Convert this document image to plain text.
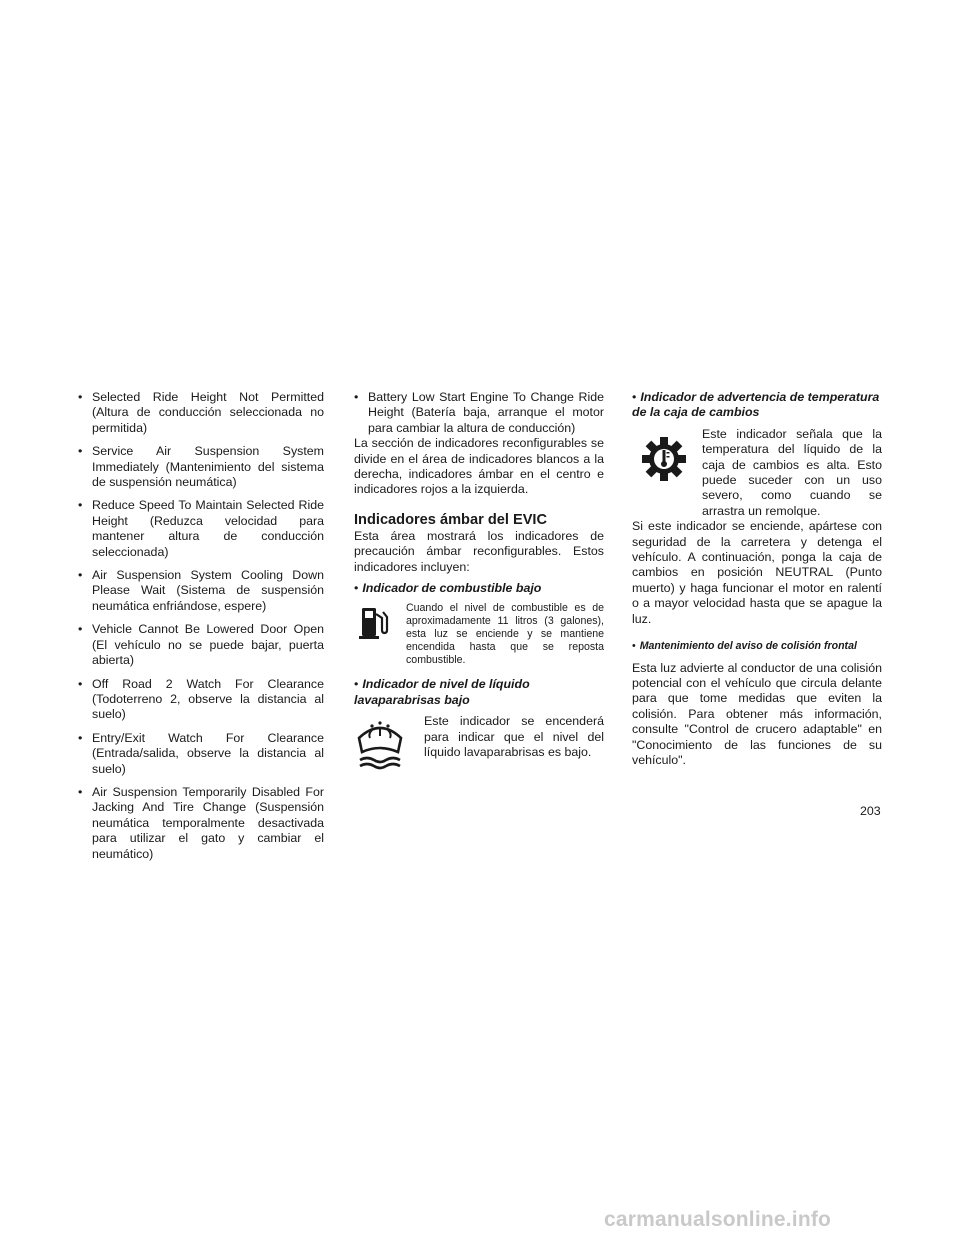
• Selected Ride Height Not Permitted (Altura de conducción seleccionada no permitida)
• Service Air Suspension System Immediately (Mantenimiento del sistema de suspensión neumática)
• Reduce Speed To Maintain Selected Ride Height (Reduzca velocidad para mantener altura de conducción seleccionada)
• Air Suspension System Cooling Down Please Wait (Sistema de suspensión neumática enfriándose, espere)
• Vehicle Cannot Be Lowered Door Open (El vehículo no se puede bajar, puerta abierta)
• Off Road 2 Watch For Clearance (Todoterreno 2, observe la distancia al suelo)
• Entry/Exit Watch For Clearance (Entrada/salida, observe la distancia al suelo)
• Air Suspension Temporarily Disabled For Jacking And Tire Change (Suspensión neumática temporalmente desactivada para utilizar el gato y cambiar el neumático)
• Battery Low Start Engine To Change Ride Height (Batería baja, arranque el motor para cambiar la altura de conducción)

La sección de indicadores reconfigurables se divide en el área de indicadores blancos a la derecha, indicadores ámbar en el centro e indicadores rojos a la izquierda.

Indicadores ámbar del EVIC

Esta área mostrará los indicadores de precaución ámbar reconfigurables. Estos indicadores incluyen:

• Indicador de combustible bajo
Cuando el nivel de combustible es de aproximadamente 11 litros (3 galones), esta luz se enciende y se mantiene encendida hasta que se reposta combustible.
• Indicador de nivel de líquido lavaparabrisas bajo
Este indicador se encenderá para indicar que el nivel del líquido lavaparabrisas es bajo.
• Indicador de advertencia de temperatura de la caja de cambios
Este indicador señala que la temperatura del líquido de la caja de cambios es alta. Esto puede suceder con un uso severo, como cuando se arrastra un remolque.

Si este indicador se enciende, apártese con seguridad de la carretera y detenga el vehículo. A continuación, ponga la caja de cambios en posición NEUTRAL (Punto muerto) y haga funcionar el motor en ralentí o a mayor velocidad hasta que se apague la luz.

• Mantenimiento del aviso de colisión frontal

Esta luz advierte al conductor de una colisión potencial con el vehículo que circula delante para que tome medidas que eviten la colisión. Para obtener más información, consulte "Control de crucero adaptable" en "Conocimiento de las funciones de su vehículo".

203
carmanualsonline.info
